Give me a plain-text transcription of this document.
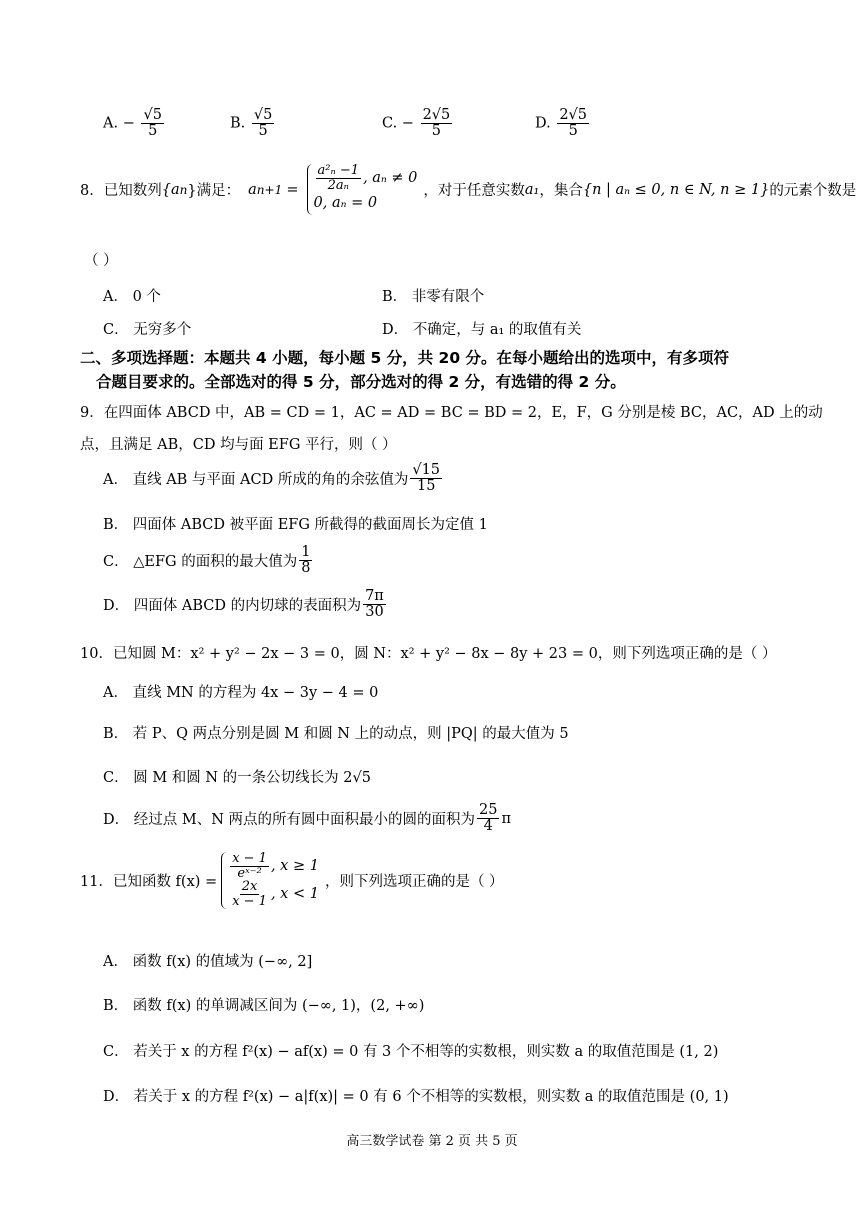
A. − $\frac{√5}{5}$	B. $\frac{√5}{5}$	C. − $\frac{2√5}{5}$	D. $\frac{2√5}{5}$
8．已知数列 {a n }满足： a $n+1 = \frac{\text{a²ₙ −1}}{\text{2aₙ}}$ , aₙ ≠ 0
0, aₙ = 0
，对于任意实数 a₁ ，集合 {n | aₙ ≤ 0, n ∈ N, n ≥ 1} 的元素个数是
（ ）
A． 0 个	B． 非零有限个
C． 无穷多个	D． 不确定，与 a₁ 的取值有关
二、多项选择题：本题共 4 小题，每小题 5 分，共 20 分。在每小题给出的选项中，有多项符
合题目要求的。全部选对的得 5 分，部分选对的得 2 分，有选错的得 2 分。
9．在四面体 ABCD 中，AB = CD = 1，AC = AD = BC = BD = 2，E，F，G 分别是棱 BC，AC，AD 上的动
点，且满足 AB，CD 均与面 EFG 平行，则（ ）
A． 直线 AB 与平面 ACD 所成的角的余弦值为 $\frac{√15}{15}$
B． 四面体 ABCD 被平面 EFG 所截得的截面周长为定值 1
C． △EFG 的面积的最大值为 $\frac{1}{8}$
D． 四面体 ABCD 的内切球的表面积为 $\frac{7\pi}{30}$
10．已知圆 M：x² + y² − 2x − 3 = 0，圆 N：x² + y² − 8x − 8y + 23 = 0，则下列选项正确的是（ ）
A． 直线 MN 的方程为 4x − 3y − 4 = 0
B． 若 P、Q 两点分别是圆 M 和圆 N 上的动点，则 |PQ| 的最大值为 5
C． 圆 M 和圆 N 的一条公切线长为 2√5
D． 经过点 M、N 两点的所有圆中面积最小的圆的面积为 $\frac{25}{4}$ π
11．已知函数 f(x) =
$\frac{x - 1}{\text{eˣ⁻²}}$ , x ≥ 1
$\frac{2x}{x - 1}$ , x < 1
，则下列选项正确的是（ ）
A． 函数 f(x) 的值域为 (−∞, 2]
B． 函数 f(x) 的单调减区间为 (−∞, 1)，(2, +∞)
C． 若关于 x 的方程 f²(x) − af(x) = 0 有 3 个不相等的实数根，则实数 a 的取值范围是 (1, 2)
D． 若关于 x 的方程 f²(x) − a|f(x)| = 0 有 6 个不相等的实数根，则实数 a 的取值范围是 (0, 1)
高三数学试卷 第 2 页 共 5 页
